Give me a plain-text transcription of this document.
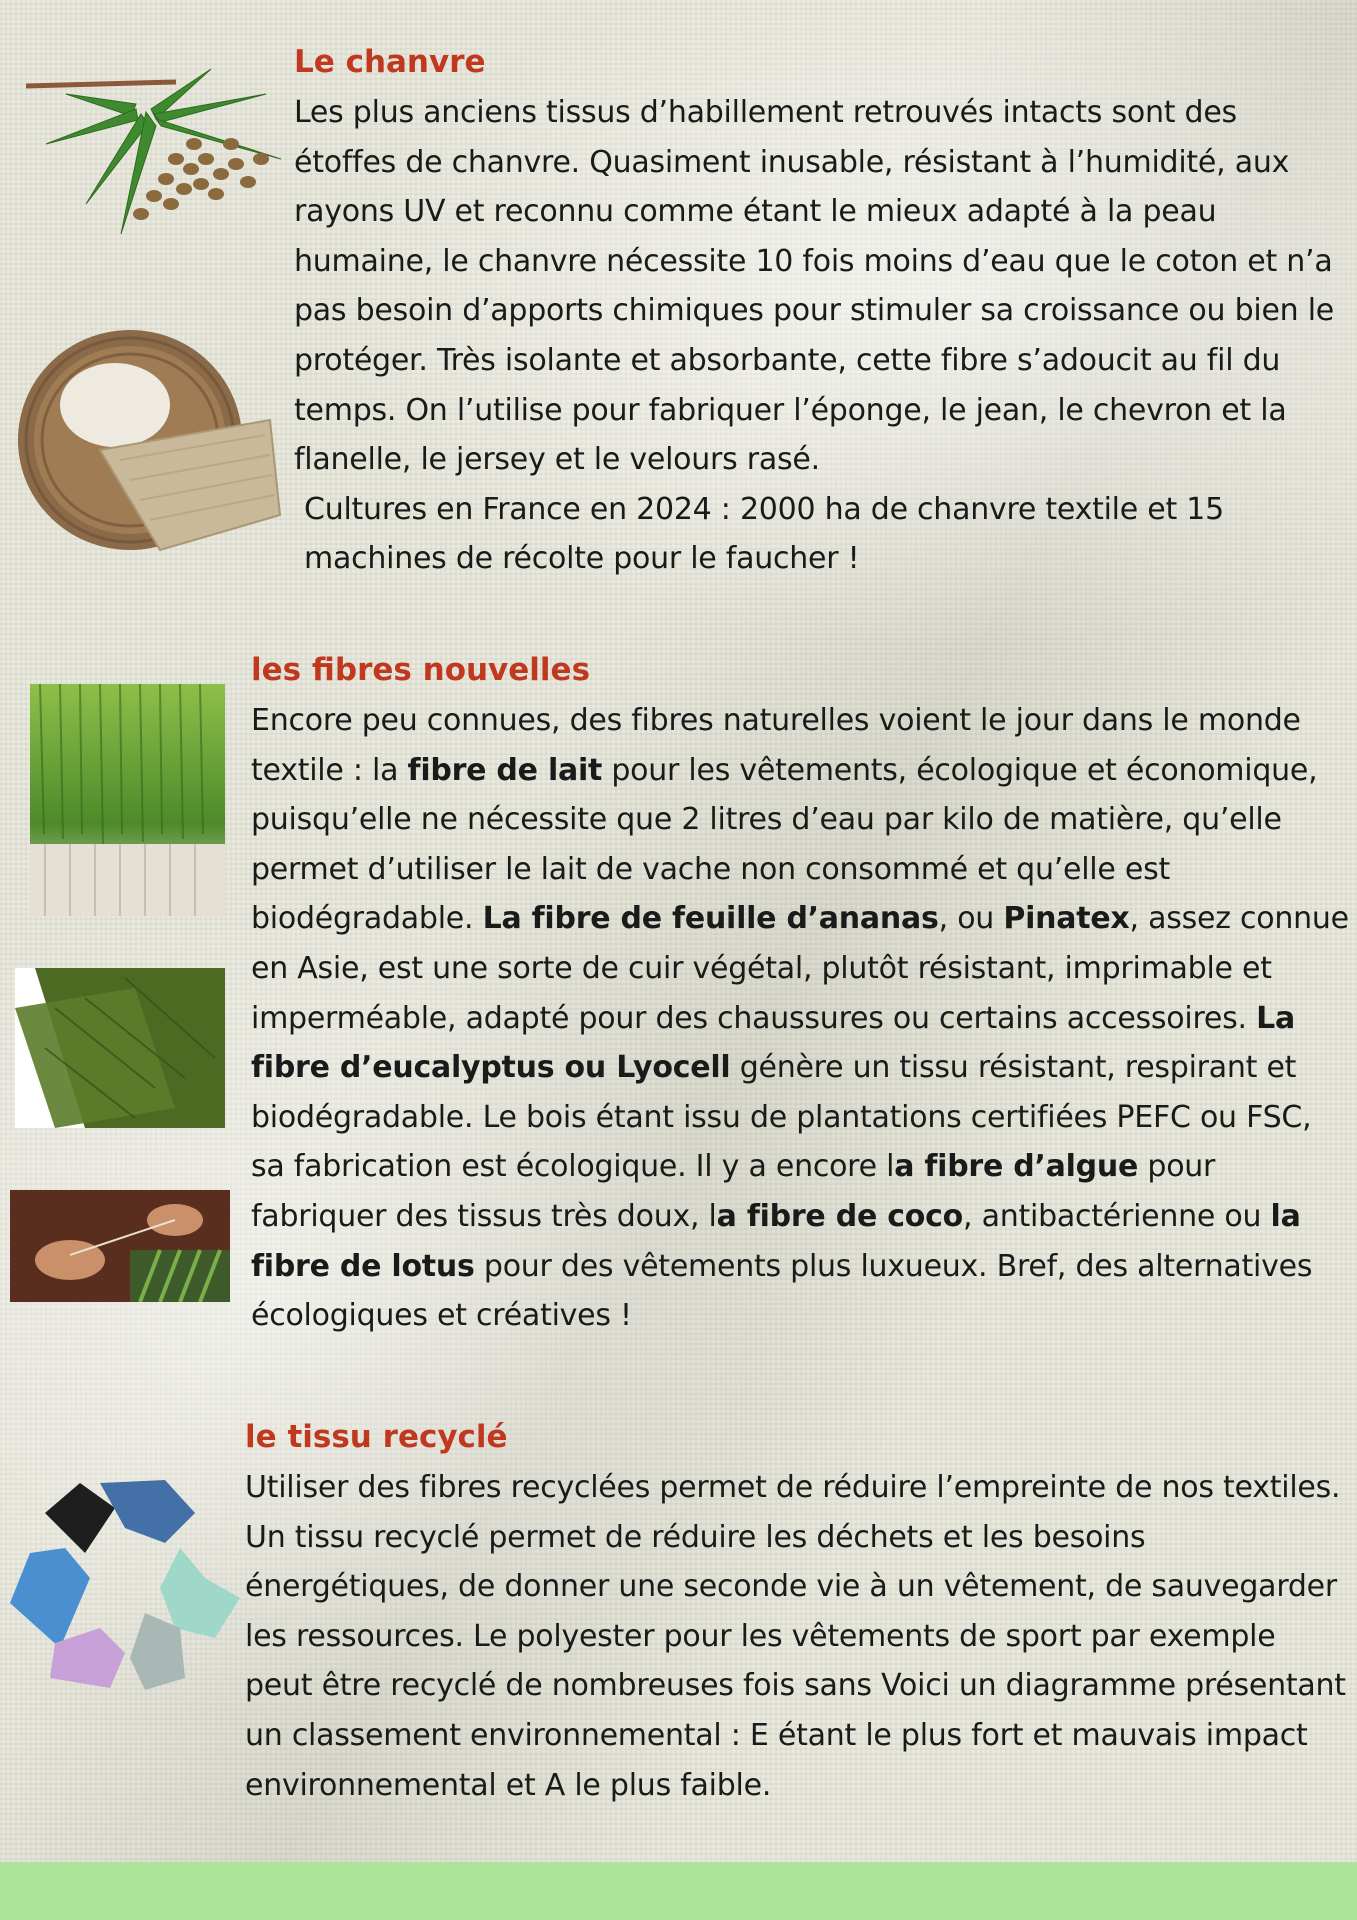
Le chanvre

Les plus anciens tissus d’habillement retrouvés intacts sont des étoffes de chanvre. Quasiment inusable, résistant à l’humidité, aux rayons UV et reconnu comme étant le mieux adapté à la peau humaine, le chanvre nécessite 10 fois moins d’eau que le coton et n’a pas besoin d’apports chimiques pour stimuler sa croissance ou bien le protéger. Très isolante et absorbante, cette fibre s’adoucit au fil du temps. On l’utilise pour fabriquer l’éponge, le jean, le chevron et la flanelle, le jersey et le velours rasé.

Cultures en France en 2024 : 2000 ha de chanvre textile et 15 machines de récolte pour le faucher !

les fibres nouvelles

Encore peu connues, des fibres naturelles voient le jour dans le monde textile : la fibre de lait pour les vêtements, écologique et économique, puisqu’elle ne nécessite que 2 litres d’eau par kilo de matière, qu’elle permet d’utiliser le lait de vache non consommé et qu’elle est biodégradable. La fibre de feuille d’ananas, ou Pinatex, assez connue en Asie, est une sorte de cuir végétal, plutôt résistant, imprimable et imperméable, adapté pour des chaussures ou certains accessoires. La fibre d’eucalyptus ou Lyocell génère un tissu résistant, respirant et biodégradable. Le bois étant issu de plantations certifiées PEFC ou FSC, sa fabrication est écologique. Il y a encore la fibre d’algue pour fabriquer des tissus très doux, la fibre de coco, antibactérienne ou la fibre de lotus pour des vêtements plus luxueux. Bref, des alternatives écologiques et créatives !

le tissu recyclé

Utiliser des fibres recyclées permet de réduire l’empreinte de nos textiles. Un tissu recyclé permet de réduire les déchets et les besoins énergétiques, de donner une seconde vie à un vêtement, de sauvegarder les ressources. Le polyester pour les vêtements de sport par exemple peut être recyclé de nombreuses fois sans Voici un diagramme présentant un classement environnemental : E étant le plus fort et mauvais impact environnemental et A le plus faible.
